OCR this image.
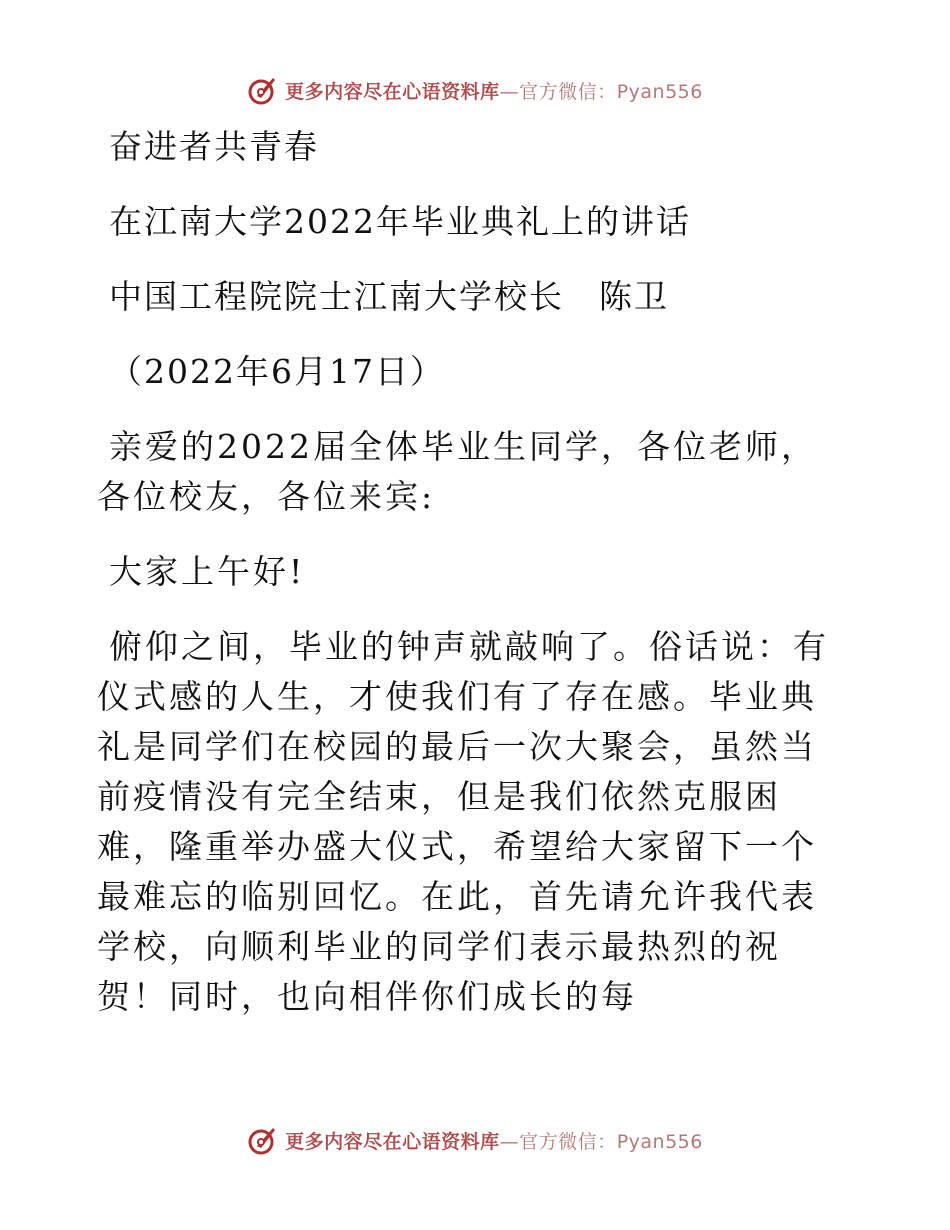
更多内容尽在心语资料库—官方微信：Pyan556

奋进者共青春

在江南大学2022年毕业典礼上的讲话

中国工程院院士江南大学校长　陈卫

（2022年6月17日）

亲爱的2022届全体毕业生同学，各位老师，各位校友，各位来宾:

大家上午好!

俯仰之间，毕业的钟声就敲响了。俗话说：有仪式感的人生，才使我们有了存在感。毕业典礼是同学们在校园的最后一次大聚会，虽然当前疫情没有完全结束，但是我们依然克服困难，隆重举办盛大仪式，希望给大家留下一个最难忘的临别回忆。在此，首先请允许我代表学校，向顺利毕业的同学们表示最热烈的祝贺！同时，也向相伴你们成长的每

更多内容尽在心语资料库—官方微信：Pyan556
